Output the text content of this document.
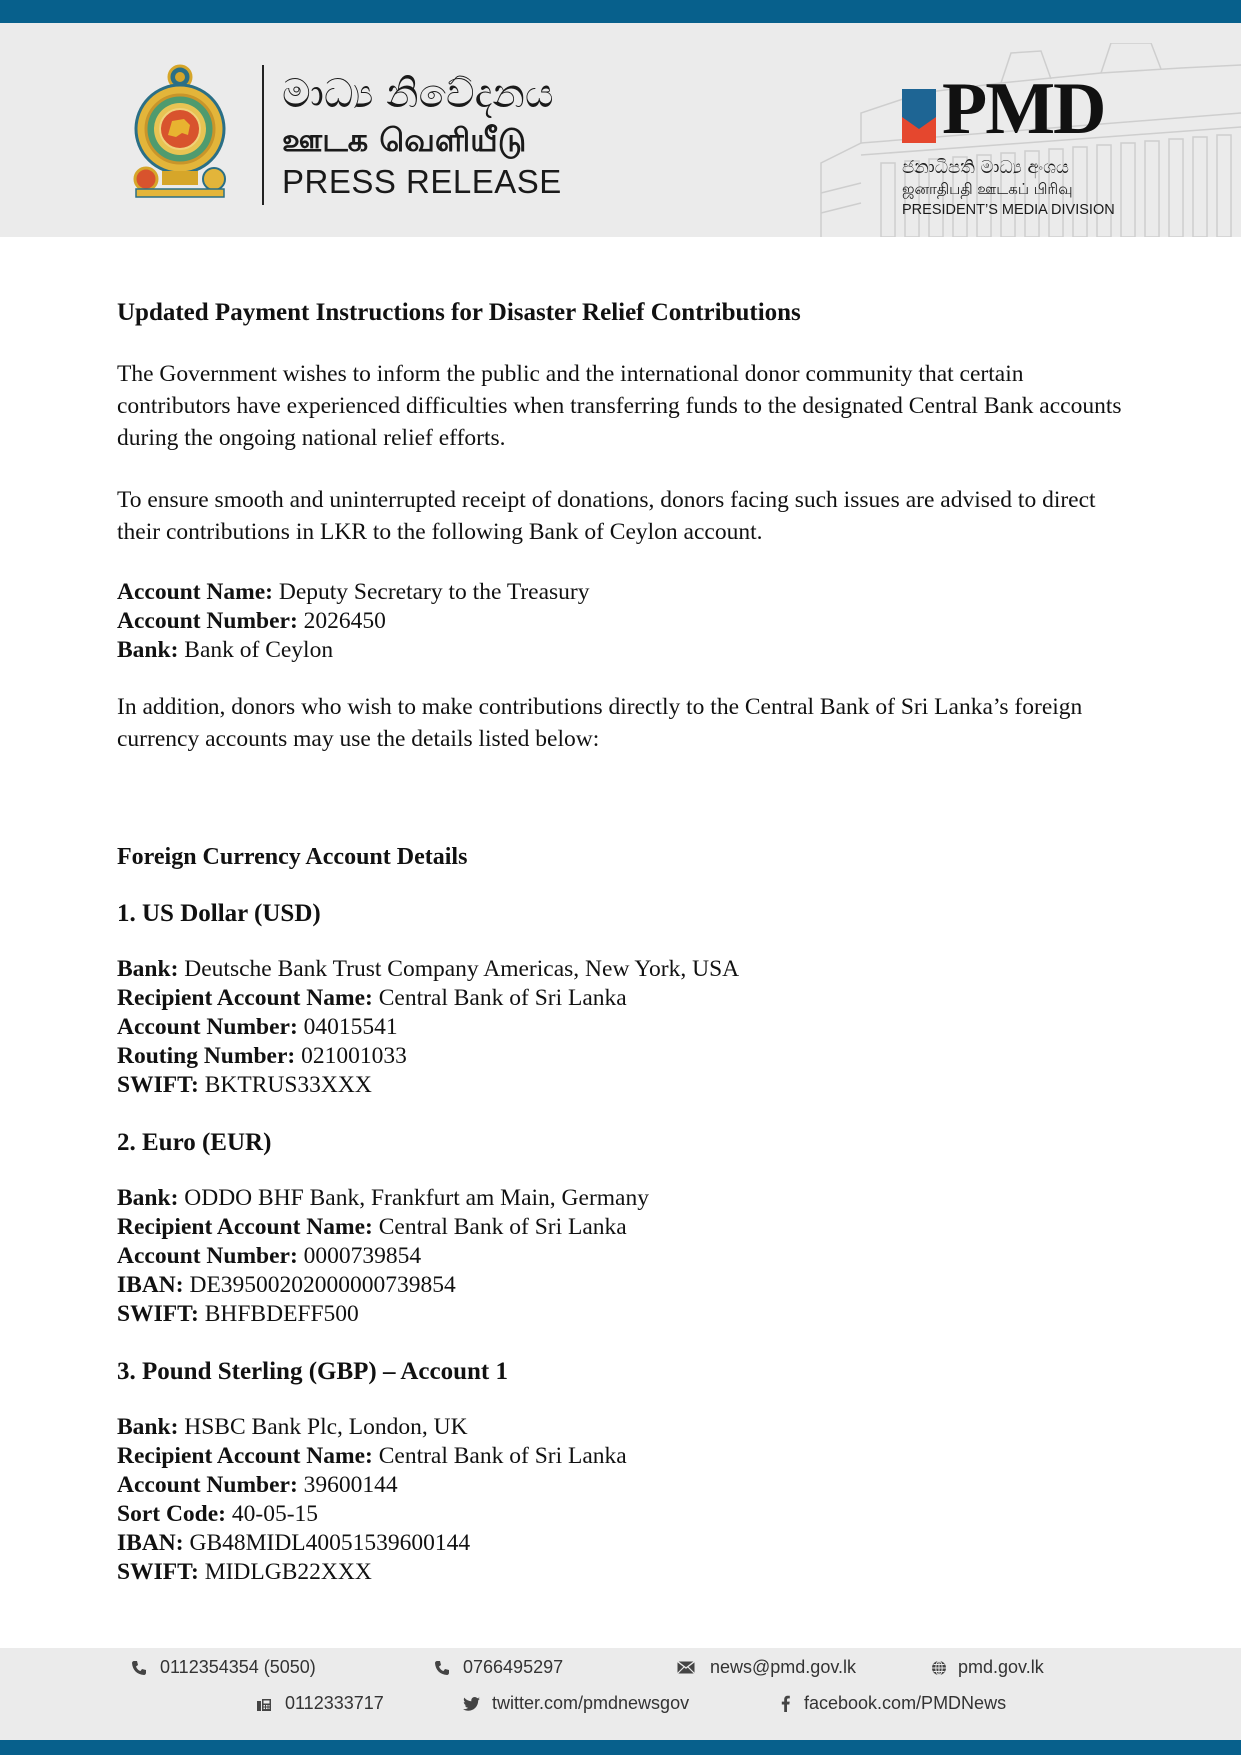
මාධ්‍ය නිවේදනය
ஊடக வெளியீடு
PRESS RELEASE
PMD
ජනාධිපති මාධ්‍ය අංශය
ஜனாதிபதி ஊடகப் பிரிவு
PRESIDENT’S MEDIA DIVISION

Updated Payment Instructions for Disaster Relief Contributions

The Government wishes to inform the public and the international donor community that certain contributors have experienced difficulties when transferring funds to the designated Central Bank accounts during the ongoing national relief efforts.

To ensure smooth and uninterrupted receipt of donations, donors facing such issues are advised to direct their contributions in LKR to the following Bank of Ceylon account.

Account Name: Deputy Secretary to the Treasury

Account Number: 2026450

Bank: Bank of Ceylon

In addition, donors who wish to make contributions directly to the Central Bank of Sri Lanka’s foreign currency accounts may use the details listed below:

Foreign Currency Account Details

1. US Dollar (USD)

Bank: Deutsche Bank Trust Company Americas, New York, USA

Recipient Account Name: Central Bank of Sri Lanka

Account Number: 04015541

Routing Number: 021001033

SWIFT: BKTRUS33XXX

2. Euro (EUR)

Bank: ODDO BHF Bank, Frankfurt am Main, Germany

Recipient Account Name: Central Bank of Sri Lanka

Account Number: 0000739854

IBAN: DE39500202000000739854

SWIFT: BHFBDEFF500

3. Pound Sterling (GBP) – Account 1

Bank: HSBC Bank Plc, London, UK

Recipient Account Name: Central Bank of Sri Lanka

Account Number: 39600144

Sort Code: 40-05-15

IBAN: GB48MIDL40051539600144

SWIFT: MIDLGB22XXX

0112354354 (5050)	0766495297	news@pmd.gov.lk	pmd.gov.lk
0112333717	twitter.com/pmdnewsgov	facebook.com/PMDNews
